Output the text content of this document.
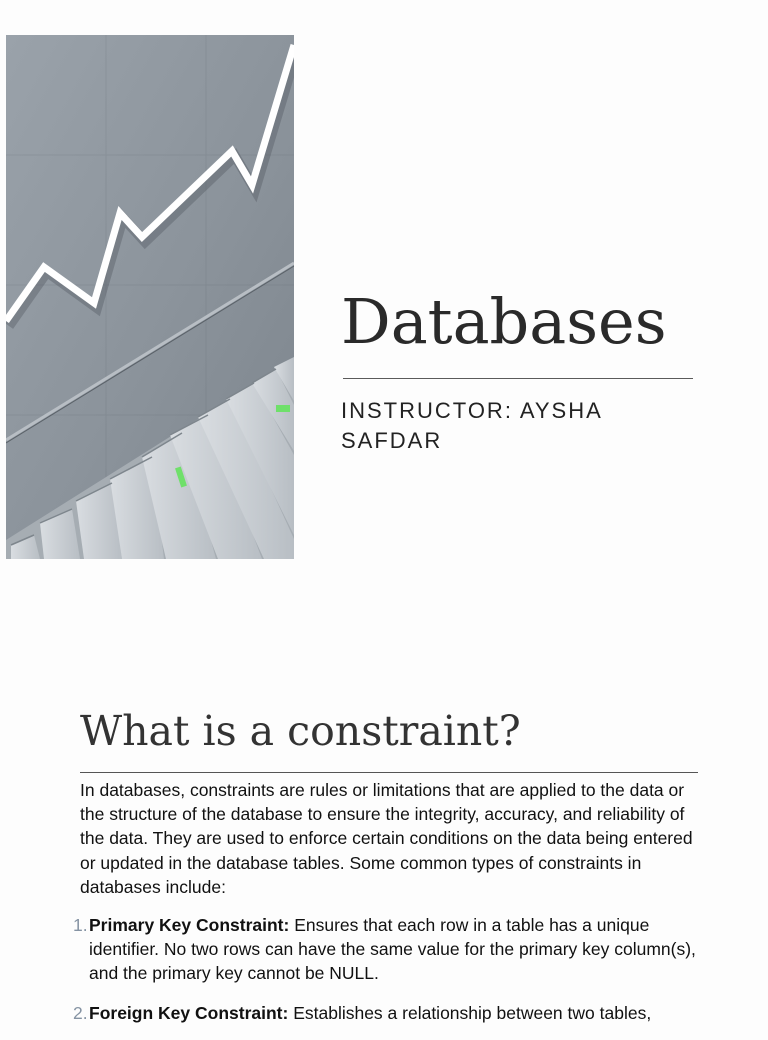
Databases
INSTRUCTOR: AYSHA SAFDAR
What is a constraint?

In databases, constraints are rules or limitations that are applied to the data or the structure of the database to ensure the integrity, accuracy, and reliability of the data. They are used to enforce certain conditions on the data being entered or updated in the database tables. Some common types of constraints in databases include:

1. Primary Key Constraint: Ensures that each row in a table has a unique identifier. No two rows can have the same value for the primary key column(s), and the primary key cannot be NULL.
2. Foreign Key Constraint: Establishes a relationship between two tables,
